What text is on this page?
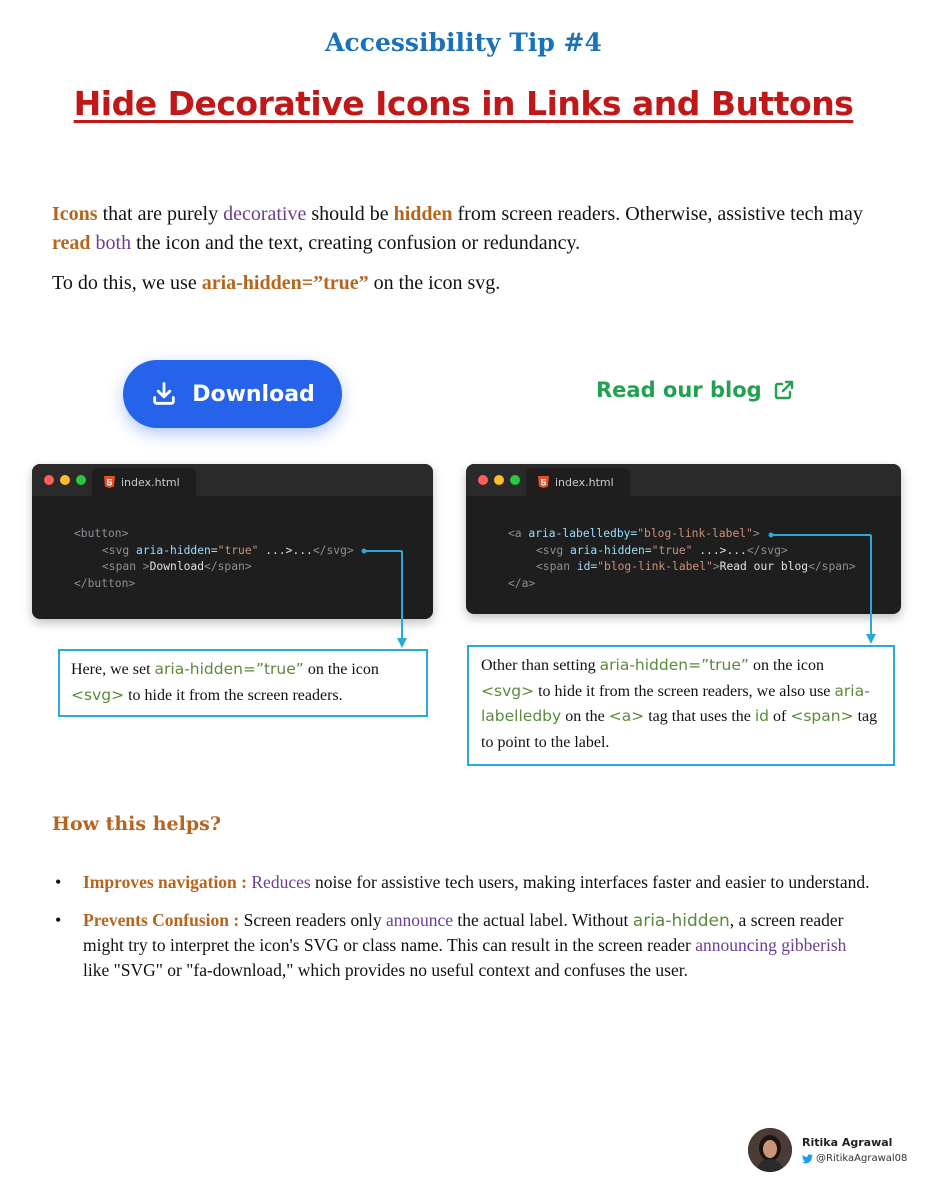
Accessibility Tip #4
Hide Decorative Icons in Links and Buttons

Icons that are purely decorative should be hidden from screen readers. Otherwise, assistive tech may read both the icon and the text, creating confusion or redundancy.

To do this, we use aria-hidden=”true” on the icon svg.

Download	Read our blog
index.html
<button>
<svg aria-hidden="true" ...>...</svg>
<span >Download</span>
</button>
index.html
<a aria-labelledby="blog-link-label">
<svg aria-hidden="true" ...>...</svg>
<span id="blog-link-label">Read our blog</span>
</a>
Here, we set aria-hidden=”true” on the icon <svg> to hide it from the screen readers.
Other than setting aria-hidden=”true” on the icon <svg> to hide it from the screen readers, we also use aria-labelledby on the <a> tag that uses the id of <span> tag to point to the label.
How this helps?
• Improves navigation : Reduces noise for assistive tech users, making interfaces faster and easier to understand.
• Prevents Confusion : Screen readers only announce the actual label. Without aria-hidden, a screen reader might try to interpret the icon's SVG or class name. This can result in the screen reader announcing gibberish like "SVG" or "fa-download," which provides no useful context and confuses the user.
Ritika Agrawal
@RitikaAgrawal08
